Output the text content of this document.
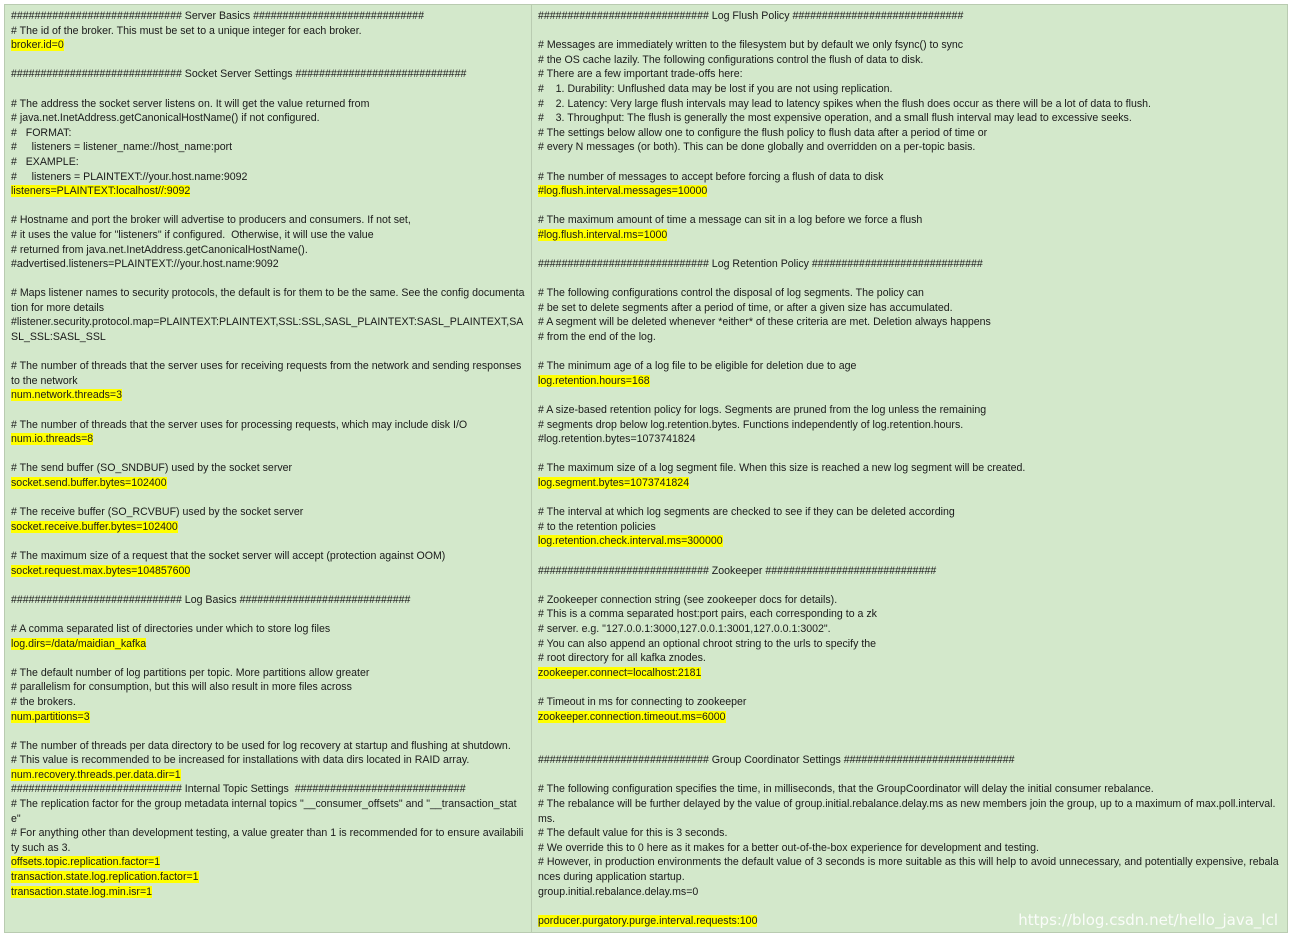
############################# Server Basics #############################
# The id of the broker. This must be set to a unique integer for each broker.
broker.id=0
############################# Socket Server Settings #############################
# The address the socket server listens on. It will get the value returned from
# java.net.InetAddress.getCanonicalHostName() if not configured.
#   FORMAT:
#     listeners = listener_name://host_name:port
#   EXAMPLE:
#     listeners = PLAINTEXT://your.host.name:9092
listeners=PLAINTEXT:localhost//:9092
# Hostname and port the broker will advertise to producers and consumers. If not set,
# it uses the value for "listeners" if configured.  Otherwise, it will use the value
# returned from java.net.InetAddress.getCanonicalHostName().
#advertised.listeners=PLAINTEXT://your.host.name:9092
# Maps listener names to security protocols, the default is for them to be the same. See the config documentation for more details
#listener.security.protocol.map=PLAINTEXT:PLAINTEXT,SSL:SSL,SASL_PLAINTEXT:SASL_PLAINTEXT,SASL_SSL:SASL_SSL
# The number of threads that the server uses for receiving requests from the network and sending responses to the network
num.network.threads=3
# The number of threads that the server uses for processing requests, which may include disk I/O
num.io.threads=8
# The send buffer (SO_SNDBUF) used by the socket server
socket.send.buffer.bytes=102400
# The receive buffer (SO_RCVBUF) used by the socket server
socket.receive.buffer.bytes=102400
# The maximum size of a request that the socket server will accept (protection against OOM)
socket.request.max.bytes=104857600
############################# Log Basics #############################
# A comma separated list of directories under which to store log files
log.dirs=/data/maidian_kafka
# The default number of log partitions per topic. More partitions allow greater
# parallelism for consumption, but this will also result in more files across
# the brokers.
num.partitions=3
# The number of threads per data directory to be used for log recovery at startup and flushing at shutdown.
# This value is recommended to be increased for installations with data dirs located in RAID array.
num.recovery.threads.per.data.dir=1
############################# Internal Topic Settings  #############################
# The replication factor for the group metadata internal topics "__consumer_offsets" and "__transaction_state"
# For anything other than development testing, a value greater than 1 is recommended for to ensure availability such as 3.
offsets.topic.replication.factor=1
transaction.state.log.replication.factor=1
transaction.state.log.min.isr=1
############################# Log Flush Policy #############################
# Messages are immediately written to the filesystem but by default we only fsync() to sync
# the OS cache lazily. The following configurations control the flush of data to disk.
# There are a few important trade-offs here:
#    1. Durability: Unflushed data may be lost if you are not using replication.
#    2. Latency: Very large flush intervals may lead to latency spikes when the flush does occur as there will be a lot of data to flush.
#    3. Throughput: The flush is generally the most expensive operation, and a small flush interval may lead to excessive seeks.
# The settings below allow one to configure the flush policy to flush data after a period of time or
# every N messages (or both). This can be done globally and overridden on a per-topic basis.
# The number of messages to accept before forcing a flush of data to disk
#log.flush.interval.messages=10000
# The maximum amount of time a message can sit in a log before we force a flush
#log.flush.interval.ms=1000
############################# Log Retention Policy #############################
# The following configurations control the disposal of log segments. The policy can
# be set to delete segments after a period of time, or after a given size has accumulated.
# A segment will be deleted whenever *either* of these criteria are met. Deletion always happens
# from the end of the log.
# The minimum age of a log file to be eligible for deletion due to age
log.retention.hours=168
# A size-based retention policy for logs. Segments are pruned from the log unless the remaining
# segments drop below log.retention.bytes. Functions independently of log.retention.hours.
#log.retention.bytes=1073741824
# The maximum size of a log segment file. When this size is reached a new log segment will be created.
log.segment.bytes=1073741824
# The interval at which log segments are checked to see if they can be deleted according
# to the retention policies
log.retention.check.interval.ms=300000
############################# Zookeeper #############################
# Zookeeper connection string (see zookeeper docs for details).
# This is a comma separated host:port pairs, each corresponding to a zk
# server. e.g. "127.0.0.1:3000,127.0.0.1:3001,127.0.0.1:3002".
# You can also append an optional chroot string to the urls to specify the
# root directory for all kafka znodes.
zookeeper.connect=localhost:2181
# Timeout in ms for connecting to zookeeper
zookeeper.connection.timeout.ms=6000
############################# Group Coordinator Settings #############################
# The following configuration specifies the time, in milliseconds, that the GroupCoordinator will delay the initial consumer rebalance.
# The rebalance will be further delayed by the value of group.initial.rebalance.delay.ms as new members join the group, up to a maximum of max.poll.interval.ms.
# The default value for this is 3 seconds.
# We override this to 0 here as it makes for a better out-of-the-box experience for development and testing.
# However, in production environments the default value of 3 seconds is more suitable as this will help to avoid unnecessary, and potentially expensive, rebalances during application startup.
group.initial.rebalance.delay.ms=0
porducer.purgatory.purge.interval.requests:100	https://blog.csdn.net/hello_java_lcl
